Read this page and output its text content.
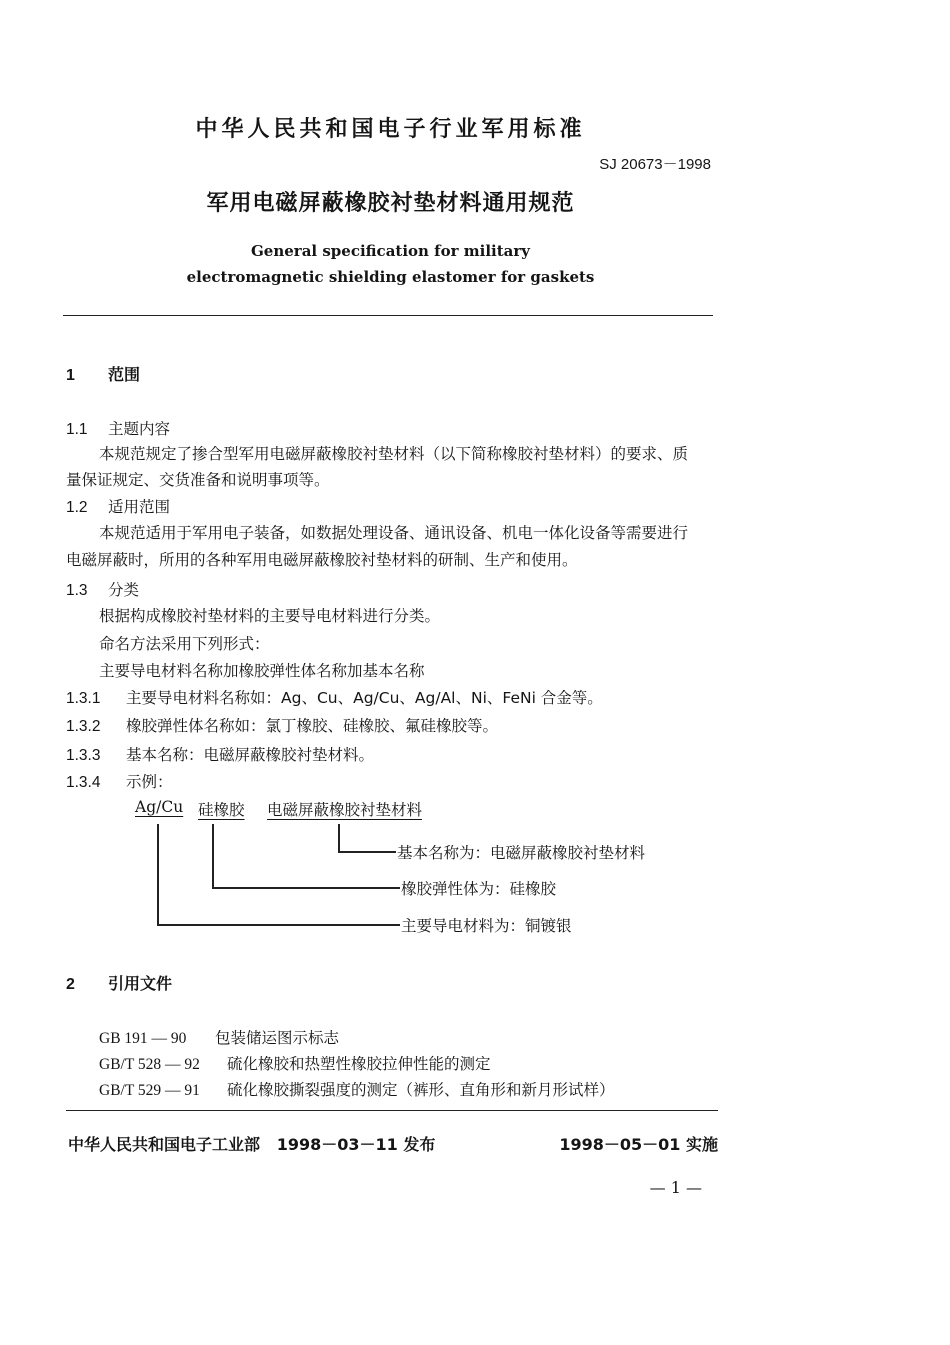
中华人民共和国电子行业军用标准
SJ 20673－1998
军用电磁屏蔽橡胶衬垫材料通用规范
General specification for military
electromagnetic shielding elastomer for gaskets
1 范围
1.1 主题内容
本规范规定了掺合型军用电磁屏蔽橡胶衬垫材料（以下简称橡胶衬垫材料）的要求、质
量保证规定、交货准备和说明事项等。
1.2 适用范围
本规范适用于军用电子装备，如数据处理设备、通讯设备、机电一体化设备等需要进行
电磁屏蔽时，所用的各种军用电磁屏蔽橡胶衬垫材料的研制、生产和使用。
1.3 分类
根据构成橡胶衬垫材料的主要导电材料进行分类。
命名方法采用下列形式：
主要导电材料名称加橡胶弹性体名称加基本名称
1.3.1 主要导电材料名称如：Ag、Cu、Ag/Cu、Ag/Al、Ni、FeNi 合金等。
1.3.2 橡胶弹性体名称如：氯丁橡胶、硅橡胶、氟硅橡胶等。
1.3.3 基本名称：电磁屏蔽橡胶衬垫材料。
1.3.4 示例：
Ag/Cu 硅橡胶 电磁屏蔽橡胶衬垫材料
基本名称为：电磁屏蔽橡胶衬垫材料
橡胶弹性体为：硅橡胶
主要导电材料为：铜镀银
2 引用文件
GB 191 — 90 包装储运图示标志
GB/T 528 — 92 硫化橡胶和热塑性橡胶拉伸性能的测定
GB/T 529 — 91 硫化橡胶撕裂强度的测定（裤形、直角形和新月形试样）
中华人民共和国电子工业部 1998－03－11 发布	1998－05－01 实施
— 1 —
